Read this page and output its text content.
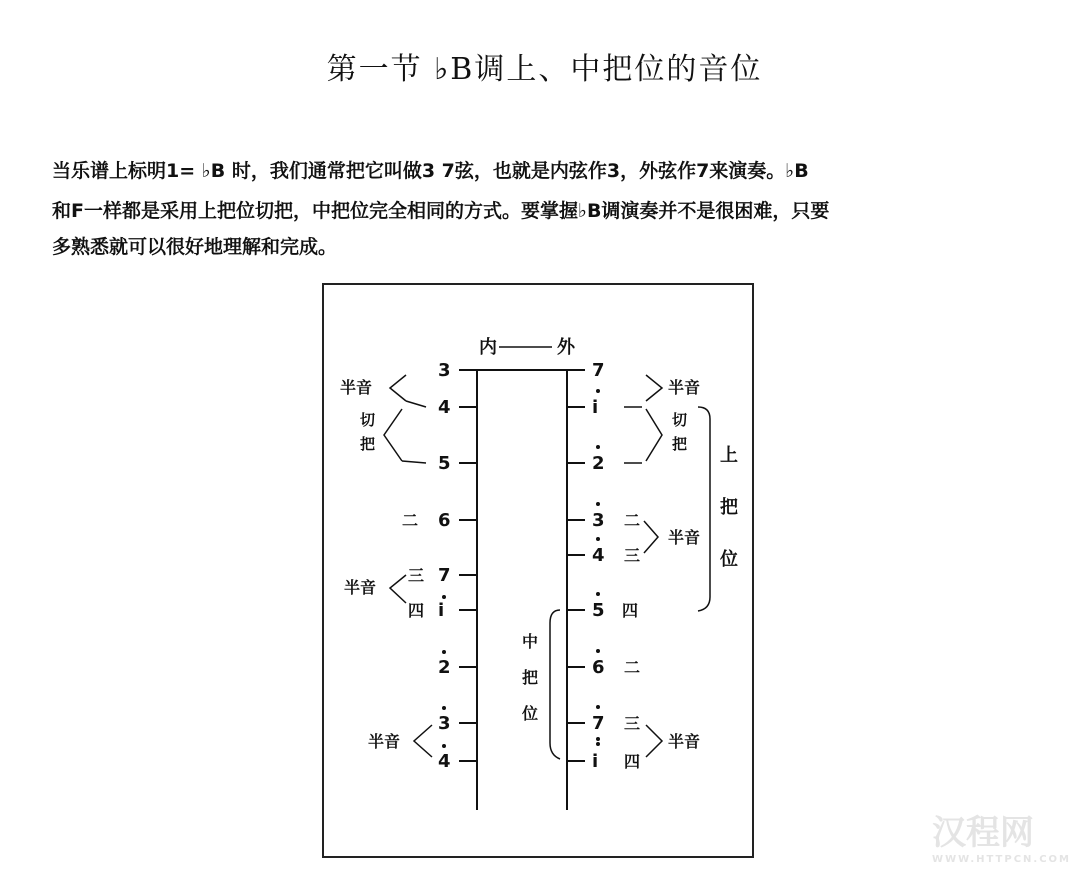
第一节 ♭B调上、中把位的音位
当乐谱上标明1= ♭B 时，我们通常把它叫做3 7弦，也就是内弦作3，外弦作7来演奏。♭B
和F一样都是采用上把位切把，中把位完全相同的方式。要掌握♭B调演奏并不是很困难，只要
多熟悉就可以很好地理解和完成。
内	外
3
4
5
6
7
i
2
3
4
7
i
2
3
4
5
6
7
i
半音
切
把
二
半音
三
四
半音
中
把
位
半音
切
把
二
三
半音
四
二
三
四
半音
上
把
位
汉程网
WWW.HTTPCN.COM
